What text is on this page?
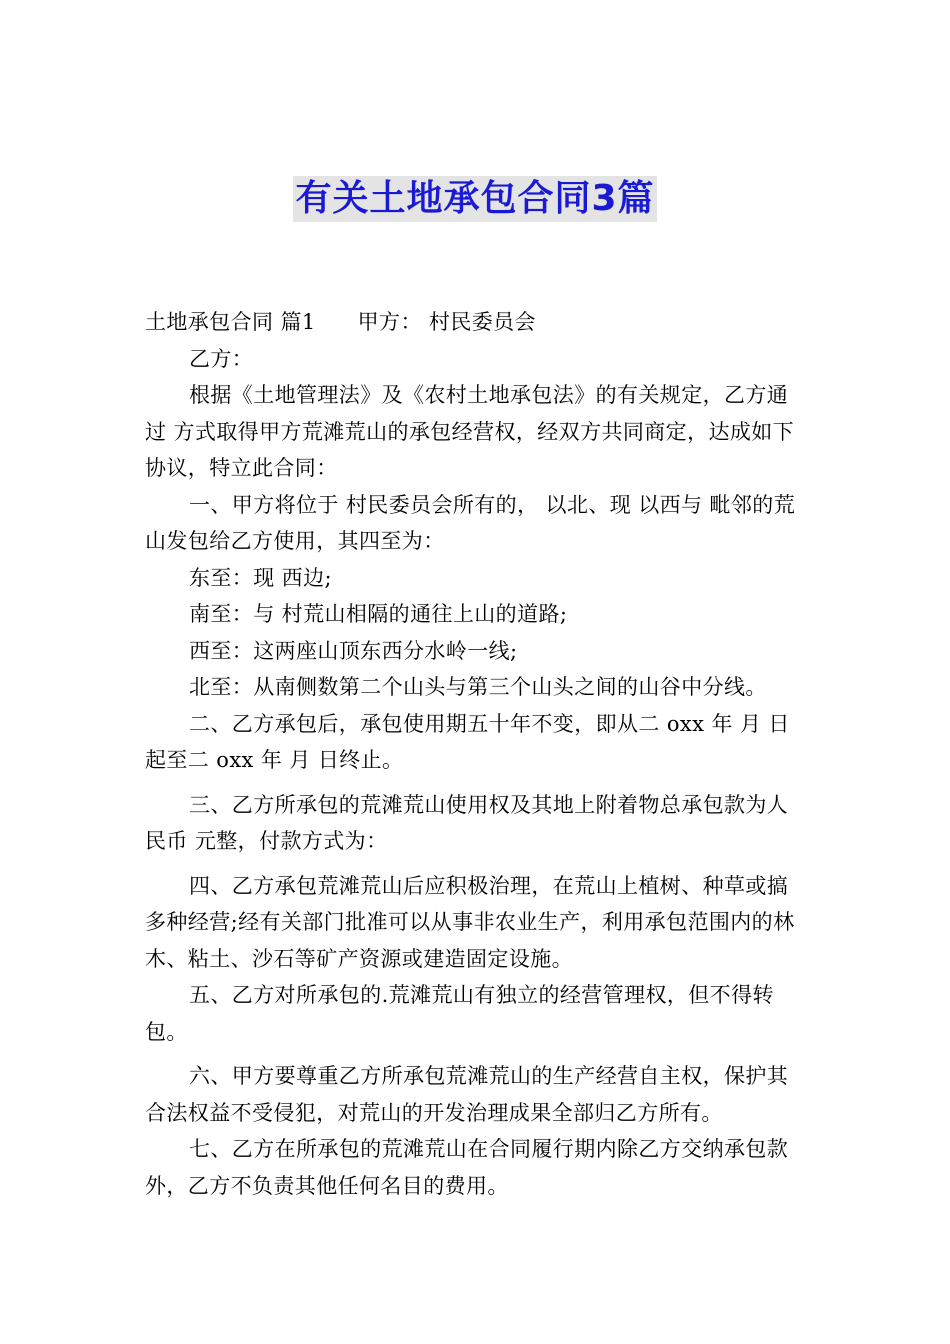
有关土地承包合同3篇

土地承包合同 篇1 甲方： 村民委员会

乙方：

根据《土地管理法》及《农村土地承包法》的有关规定，乙方通过 方式取得甲方荒滩荒山的承包经营权，经双方共同商定，达成如下协议，特立此合同：

一、甲方将位于 村民委员会所有的， 以北、现 以西与 毗邻的荒山发包给乙方使用，其四至为：

东至：现 西边;

南至：与 村荒山相隔的通往上山的道路;

西至：这两座山顶东西分水岭一线;

北至：从南侧数第二个山头与第三个山头之间的山谷中分线。

二、乙方承包后，承包使用期五十年不变，即从二 oxx 年 月 日起至二 oxx 年 月 日终止。

三、乙方所承包的荒滩荒山使用权及其地上附着物总承包款为人民币 元整，付款方式为：

四、乙方承包荒滩荒山后应积极治理，在荒山上植树、种草或搞多种经营;经有关部门批准可以从事非农业生产，利用承包范围内的林木、粘土、沙石等矿产资源或建造固定设施。

五、乙方对所承包的.荒滩荒山有独立的经营管理权，但不得转包。

六、甲方要尊重乙方所承包荒滩荒山的生产经营自主权，保护其合法权益不受侵犯，对荒山的开发治理成果全部归乙方所有。

七、乙方在所承包的荒滩荒山在合同履行期内除乙方交纳承包款外，乙方不负责其他任何名目的费用。
